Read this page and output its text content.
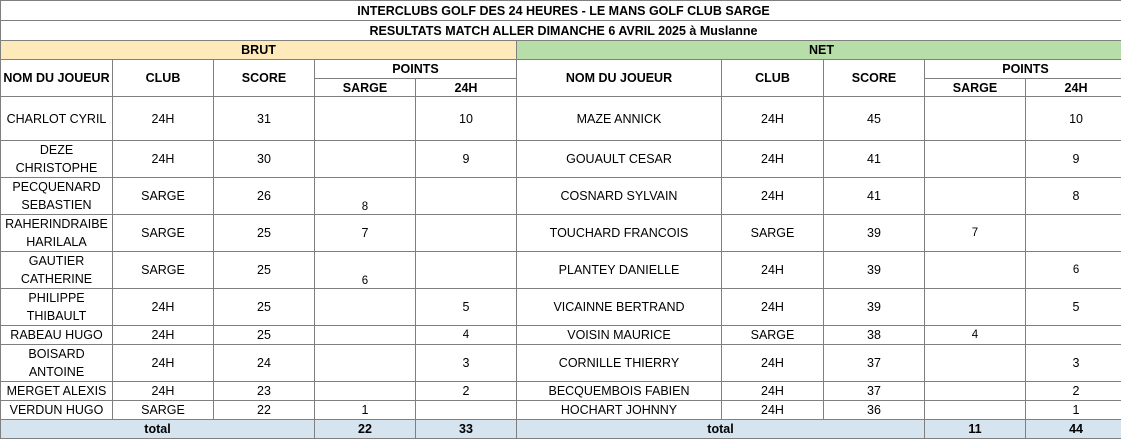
INTERCLUBS GOLF DES 24 HEURES - LE MANS GOLF CLUB SARGE									
RESULTATS MATCH ALLER DIMANCHE 6 AVRIL 2025 à Muslanne									
BRUT					NET				
NOM DU JOUEUR	CLUB	SCORE	POINTS		NOM DU JOUEUR	CLUB	SCORE	POINTS	
			SARGE	24H				SARGE	24H
CHARLOT CYRIL	24H	31		10	MAZE ANNICK	24H	45		10
DEZE CHRISTOPHE	24H	30		9	GOUAULT CESAR	24H	41		9
PECQUENARD SEBASTIEN	SARGE	26	8		COSNARD SYLVAIN	24H	41		8
RAHERINDRAIBE HARILALA	SARGE	25	7		TOUCHARD FRANCOIS	SARGE	39	7	
GAUTIER CATHERINE	SARGE	25	6		PLANTEY DANIELLE	24H	39		6
PHILIPPE THIBAULT	24H	25		5	VICAINNE BERTRAND	24H	39		5
RABEAU HUGO	24H	25		4	VOISIN MAURICE	SARGE	38	4	
BOISARD ANTOINE	24H	24		3	CORNILLE THIERRY	24H	37		3
MERGET ALEXIS	24H	23		2	BECQUEMBOIS FABIEN	24H	37		2
VERDUN HUGO	SARGE	22	1		HOCHART JOHNNY	24H	36		1
total			22	33	total			11	44
